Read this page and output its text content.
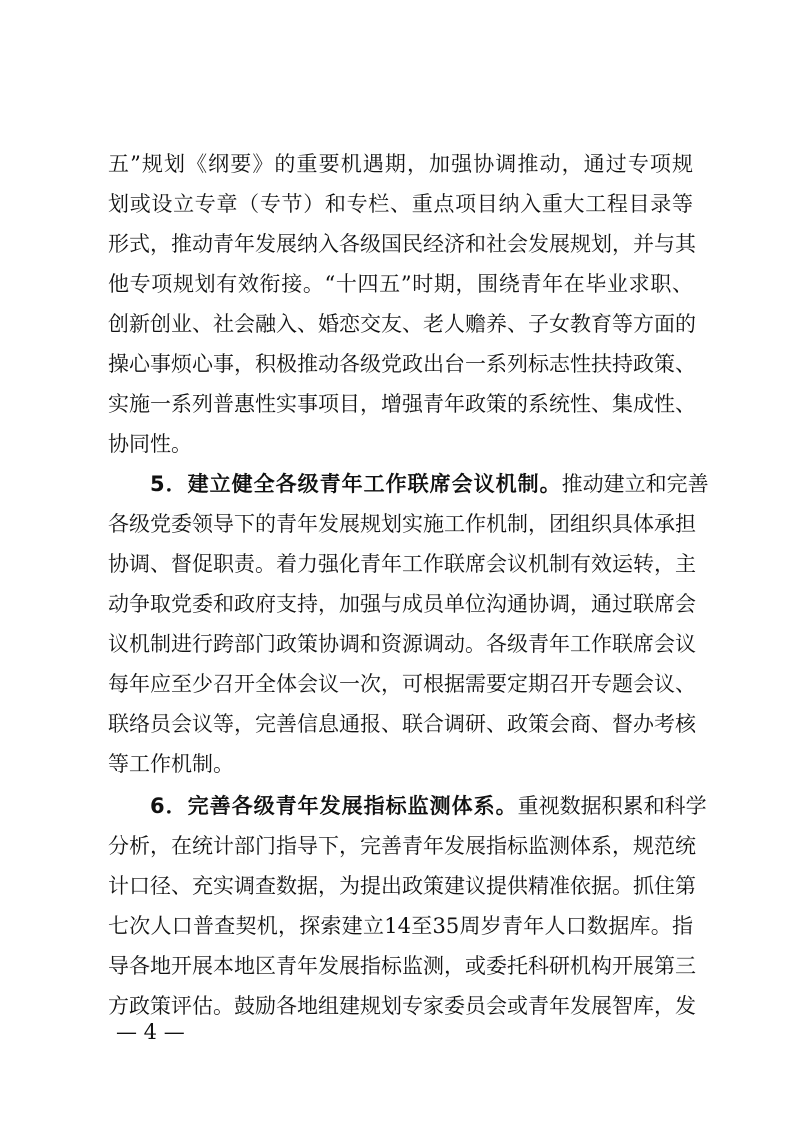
五”规划《纲要》的重要机遇期，加强协调推动，通过专项规
划或设立专章（专节）和专栏、重点项目纳入重大工程目录等
形式，推动青年发展纳入各级国民经济和社会发展规划，并与其
他专项规划有效衔接。“十四五”时期，围绕青年在毕业求职、
创新创业、社会融入、婚恋交友、老人赡养、子女教育等方面的
操心事烦心事，积极推动各级党政出台一系列标志性扶持政策、
实施一系列普惠性实事项目，增强青年政策的系统性、集成性、
协同性。
5．建立健全各级青年工作联席会议机制。推动建立和完善
各级党委领导下的青年发展规划实施工作机制，团组织具体承担
协调、督促职责。着力强化青年工作联席会议机制有效运转，主
动争取党委和政府支持，加强与成员单位沟通协调，通过联席会
议机制进行跨部门政策协调和资源调动。各级青年工作联席会议
每年应至少召开全体会议一次，可根据需要定期召开专题会议、
联络员会议等，完善信息通报、联合调研、政策会商、督办考核
等工作机制。
6．完善各级青年发展指标监测体系。重视数据积累和科学
分析，在统计部门指导下，完善青年发展指标监测体系，规范统
计口径、充实调查数据，为提出政策建议提供精准依据。抓住第
七次人口普查契机，探索建立14至35周岁青年人口数据库。指
导各地开展本地区青年发展指标监测，或委托科研机构开展第三
方政策评估。鼓励各地组建规划专家委员会或青年发展智库，发
— 4 —
